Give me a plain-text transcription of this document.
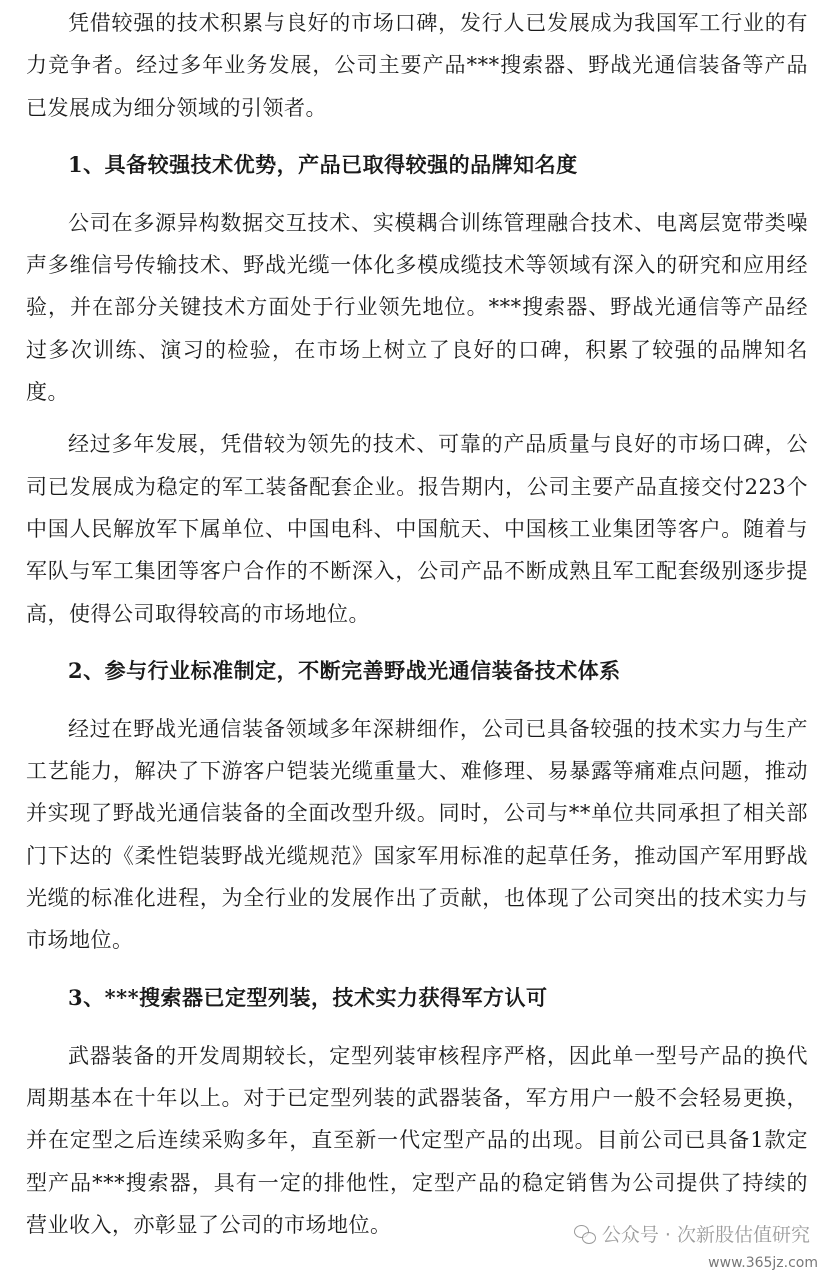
凭借较强的技术积累与良好的市场口碑，发行人已发展成为我国军工行业的有力竞争者。经过多年业务发展，公司主要产品***搜索器、野战光通信装备等产品已发展成为细分领域的引领者。

1、具备较强技术优势，产品已取得较强的品牌知名度

公司在多源异构数据交互技术、实模耦合训练管理融合技术、电离层宽带类噪声多维信号传输技术、野战光缆一体化多模成缆技术等领域有深入的研究和应用经验，并在部分关键技术方面处于行业领先地位。***搜索器、野战光通信等产品经过多次训练、演习的检验，在市场上树立了良好的口碑，积累了较强的品牌知名度。

经过多年发展，凭借较为领先的技术、可靠的产品质量与良好的市场口碑，公司已发展成为稳定的军工装备配套企业。报告期内，公司主要产品直接交付223个中国人民解放军下属单位、中国电科、中国航天、中国核工业集团等客户。随着与军队与军工集团等客户合作的不断深入，公司产品不断成熟且军工配套级别逐步提高，使得公司取得较高的市场地位。

2、参与行业标准制定，不断完善野战光通信装备技术体系

经过在野战光通信装备领域多年深耕细作，公司已具备较强的技术实力与生产工艺能力，解决了下游客户铠装光缆重量大、难修理、易暴露等痛难点问题，推动并实现了野战光通信装备的全面改型升级。同时，公司与**单位共同承担了相关部门下达的《柔性铠装野战光缆规范》国家军用标准的起草任务，推动国产军用野战光缆的标准化进程，为全行业的发展作出了贡献，也体现了公司突出的技术实力与市场地位。

3、***搜索器已定型列装，技术实力获得军方认可

武器装备的开发周期较长，定型列装审核程序严格，因此单一型号产品的换代周期基本在十年以上。对于已定型列装的武器装备，军方用户一般不会轻易更换，并在定型之后连续采购多年，直至新一代定型产品的出现。目前公司已具备1款定型产品***搜索器，具有一定的排他性，定型产品的稳定销售为公司提供了持续的营业收入，亦彰显了公司的市场地位。	公众号 · 次新股估值研究
www.365jz.com
